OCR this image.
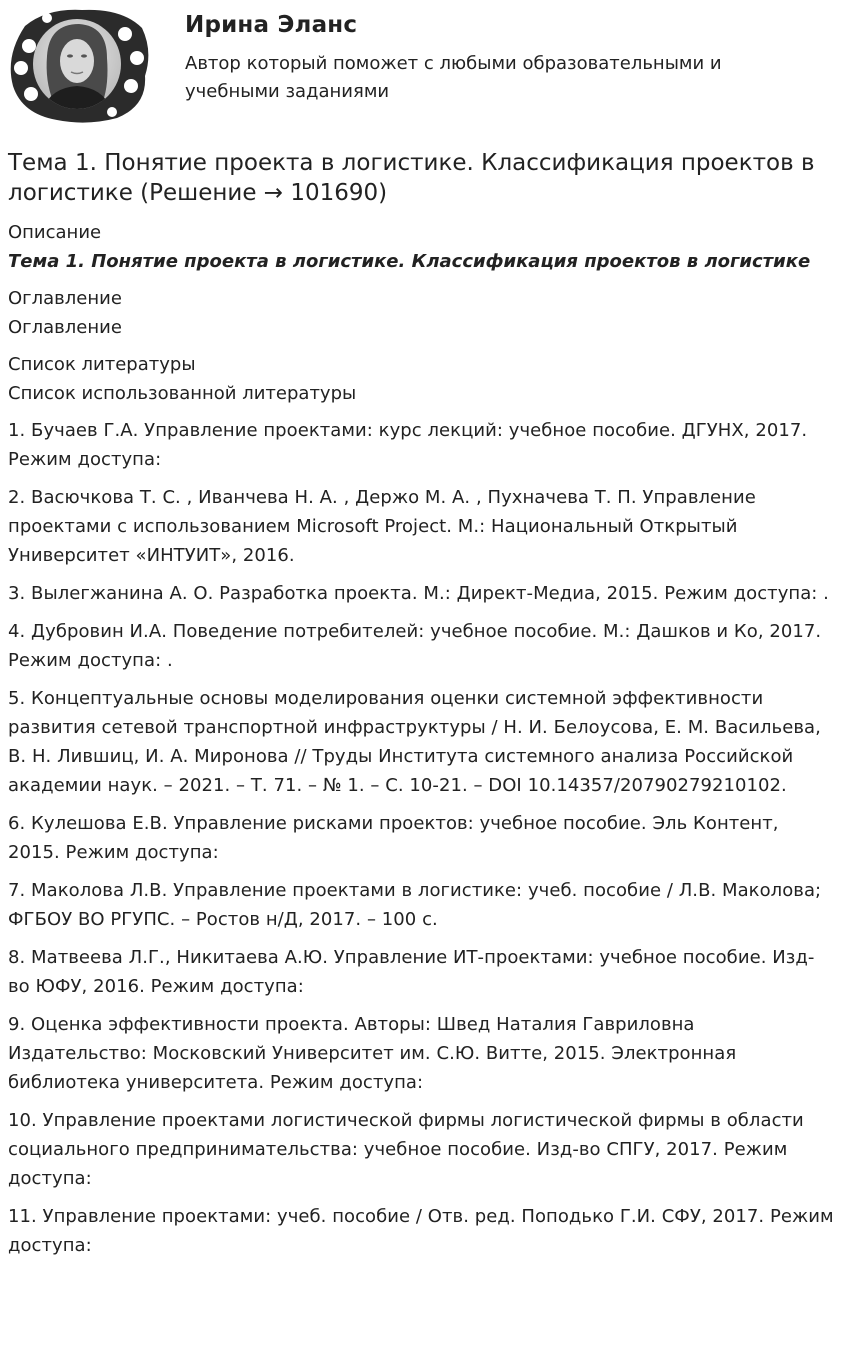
Ирина Эланс

Автор который поможет с любыми образовательными и учебными заданиями

Тема 1. Понятие проекта в логистике. Классификация проектов в логистике (Решение → 101690)

Описание

Тема 1. Понятие проекта в логистике. Классификация проектов в логистике

Оглавление

Оглавление

Список литературы

Список использованной литературы

1. Бучаев Г.А. Управление проектами: курс лекций: учебное пособие. ДГУНХ, 2017. Режим доступа:
2. Васючкова Т. С. , Иванчева Н. А. , Держо М. А. , Пухначева Т. П. Управление проектами с использованием Microsoft Project. М.: Национальный Открытый Университет «ИНТУИТ», 2016.
3. Вылегжанина А. О. Разработка проекта. М.: Директ-Медиа, 2015. Режим доступа: .
4. Дубровин И.А. Поведение потребителей: учебное пособие. М.: Дашков и Ко, 2017. Режим доступа: .
5. Концептуальные основы моделирования оценки системной эффективности развития сетевой транспортной инфраструктуры / Н. И. Белоусова, Е. М. Васильева, В. Н. Лившиц, И. А. Миронова // Труды Института системного анализа Российской академии наук. – 2021. – Т. 71. – № 1. – С. 10-21. – DOI 10.14357/20790279210102.
6. Кулешова Е.В. Управление рисками проектов: учебное пособие. Эль Контент, 2015. Режим доступа:
7. Маколова Л.В. Управление проектами в логистике: учеб. пособие / Л.В. Маколова; ФГБОУ ВО РГУПС. – Ростов н/Д, 2017. – 100 с.
8. Матвеева Л.Г., Никитаева А.Ю. Управление ИТ-проектами: учебное пособие. Изд-во ЮФУ, 2016. Режим доступа:
9. Оценка эффективности проекта. Авторы: Швед Наталия Гавриловна Издательство: Московский Университет им. С.Ю. Витте, 2015. Электронная библиотека университета. Режим доступа:
10. Управление проектами логистической фирмы логистической фирмы в области социального предпринимательства: учебное пособие. Изд-во СПГУ, 2017. Режим доступа:
11. Управление проектами: учеб. пособие / Отв. ред. Поподько Г.И. СФУ, 2017. Режим доступа:
